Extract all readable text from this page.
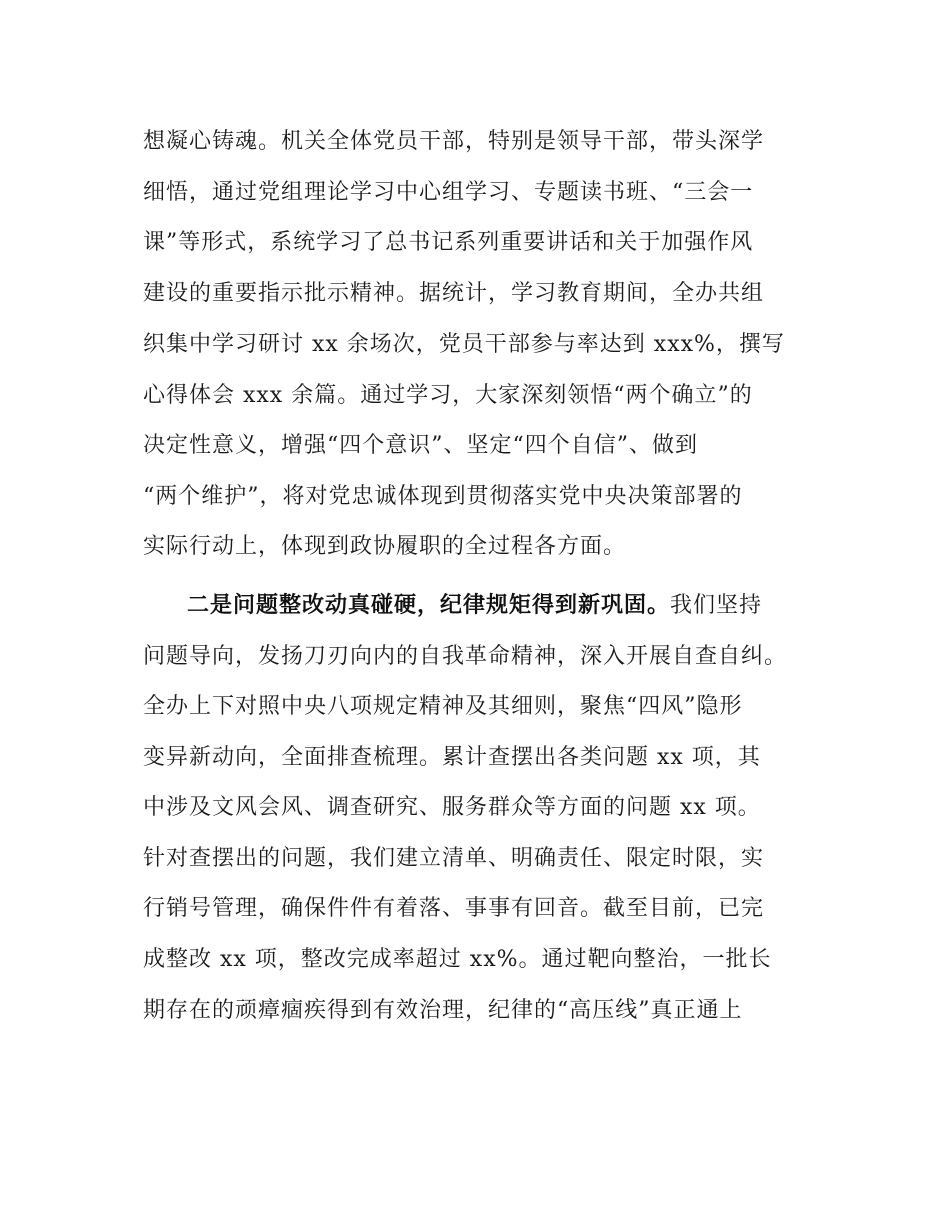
想凝心铸魂。机关全体党员干部，特别是领导干部，带头深学
细悟，通过党组理论学习中心组学习、专题读书班、“三会一
课”等形式，系统学习了总书记系列重要讲话和关于加强作风
建设的重要指示批示精神。据统计，学习教育期间，全办共组
织集中学习研讨 xx 余场次，党员干部参与率达到 xxx%，撰写
心得体会 xxx 余篇。通过学习，大家深刻领悟“两个确立”的
决定性意义，增强“四个意识”、坚定“四个自信”、做到
“两个维护”，将对党忠诚体现到贯彻落实党中央决策部署的
实际行动上，体现到政协履职的全过程各方面。
二是问题整改动真碰硬，纪律规矩得到新巩固。我们坚持
问题导向，发扬刀刃向内的自我革命精神，深入开展自查自纠。
全办上下对照中央八项规定精神及其细则，聚焦“四风”隐形
变异新动向，全面排查梳理。累计查摆出各类问题 xx 项，其
中涉及文风会风、调查研究、服务群众等方面的问题 xx 项。
针对查摆出的问题，我们建立清单、明确责任、限定时限，实
行销号管理，确保件件有着落、事事有回音。截至目前，已完
成整改 xx 项，整改完成率超过 xx%。通过靶向整治，一批长
期存在的顽瘴痼疾得到有效治理，纪律的“高压线”真正通上
